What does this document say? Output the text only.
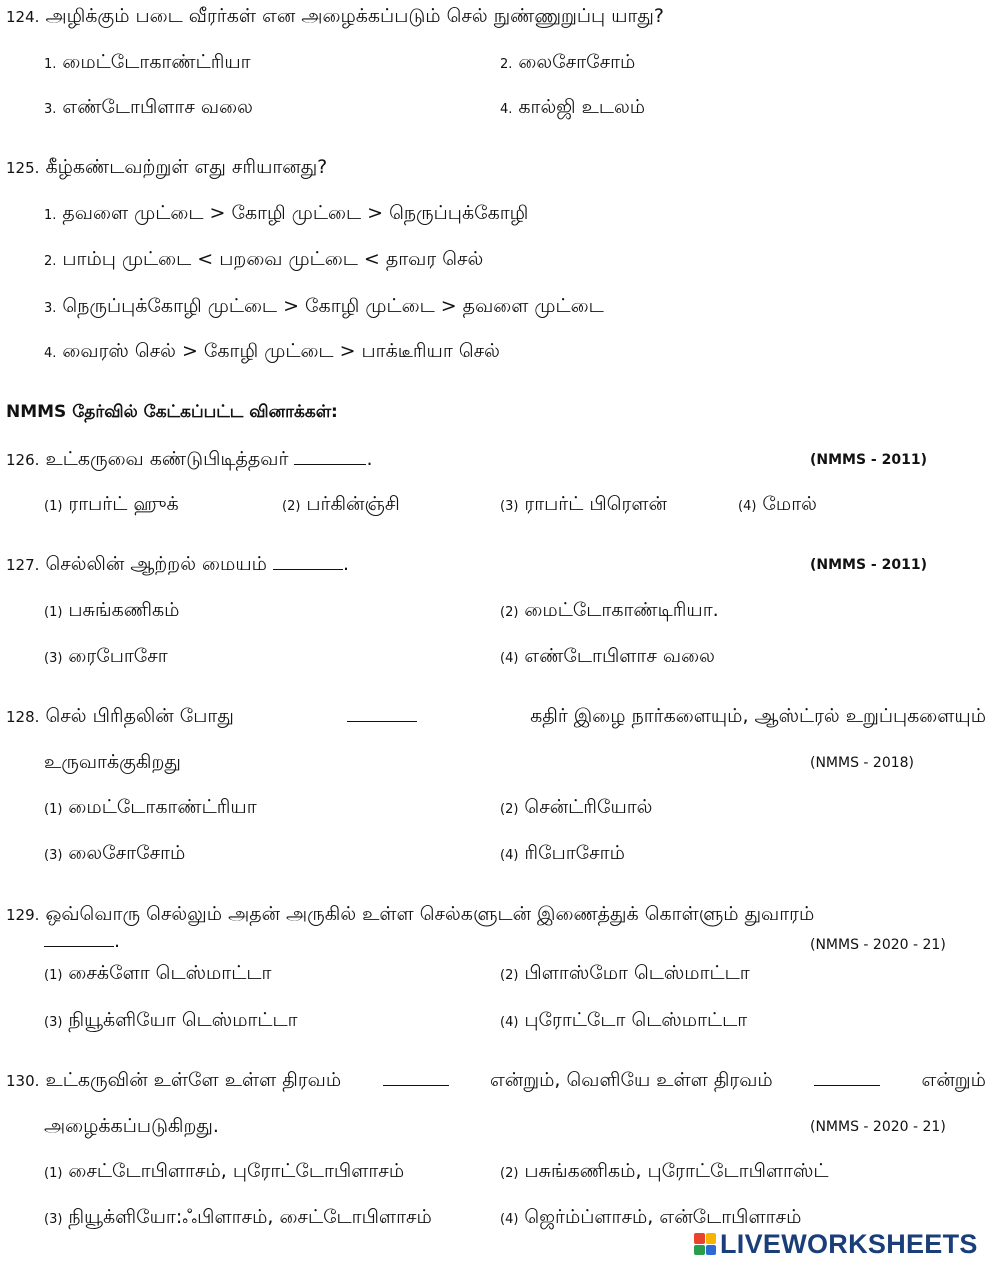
124. அழிக்கும் படை வீரர்கள் என அழைக்கப்படும் செல் நுண்ணுறுப்பு யாது?
1. மைட்டோகாண்ட்ரியா	2. லைசோசோம்
3. எண்டோபிளாச வலை	4. கால்ஜி உடலம்
125. கீழ்கண்டவற்றுள் எது சரியானது?
1. தவளை முட்டை > கோழி முட்டை > நெருப்புக்கோழி
2. பாம்பு முட்டை < பறவை முட்டை < தாவர செல்
3. நெருப்புக்கோழி முட்டை > கோழி முட்டை > தவளை முட்டை
4. வைரஸ் செல் > கோழி முட்டை > பாக்டீரியா செல்
NMMS தேர்வில் கேட்கப்பட்ட வினாக்கள்:
126. உட்கருவை கண்டுபிடித்தவர்	.	(NMMS - 2011)
(1) ராபர்ட் ஹுக்	(2) பர்கின்ஞ்சி	(3) ராபர்ட் பிரௌன்	(4) மோல்
127. செல்லின் ஆற்றல் மையம்	.	(NMMS - 2011)
(1) பசுங்கணிகம்	(2) மைட்டோகாண்டிரியா.
(3) ரைபோசோ	(4) எண்டோபிளாச வலை
128. செல் பிரிதலின் போது	கதிர் இழை நார்களையும், ஆஸ்ட்ரல் உறுப்புகளையும்
உருவாக்குகிறது	(NMMS - 2018)
(1) மைட்டோகாண்ட்ரியா	(2) சென்ட்ரியோல்
(3) லைசோசோம்	(4) ரிபோசோம்
129. ஒவ்வொரு செல்லும் அதன் அருகில் உள்ள செல்களுடன் இணைத்துக் கொள்ளும் துவாரம்
.	(NMMS - 2020 - 21)
(1) சைக்ளோ டெஸ்மாட்டா	(2) பிளாஸ்மோ டெஸ்மாட்டா
(3) நியூக்ளியோ டெஸ்மாட்டா	(4) புரோட்டோ டெஸ்மாட்டா
130. உட்கருவின் உள்ளே உள்ள திரவம்	என்றும், வெளியே உள்ள திரவம்	என்றும்
அழைக்கப்படுகிறது.	(NMMS - 2020 - 21)
(1) சைட்டோபிளாசம், புரோட்டோபிளாசம்	(2) பசுங்கணிகம், புரோட்டோபிளாஸ்ட்
(3) நியூக்ளியோ:ஃபிளாசம், சைட்டோபிளாசம்	(4) ஜெர்ம்ப்ளாசம், என்டோபிளாசம்
LIVEWORKSHEETS
